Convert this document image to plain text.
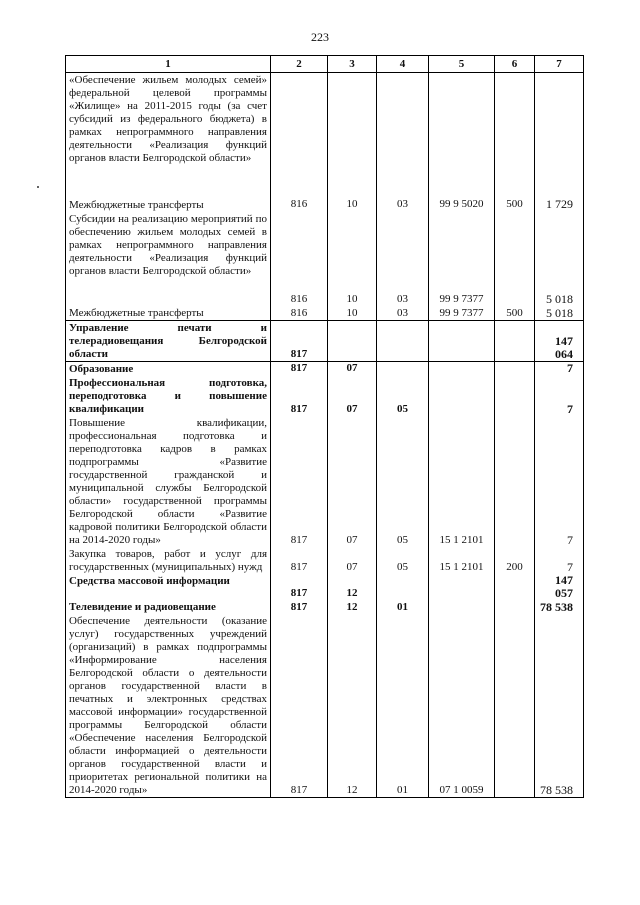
223
1	2	3	4	5	6	7
«Обеспечение жильем молодых семей» федеральной целевой программы «Жилище» на 2011-2015 годы (за счет субсидий из федерального бюджета) в рамках непрограммного направления деятельности «Реализация функций органов власти Белгородской области»						
Межбюджетные трансферты	816	10	03	99 9 5020	500	1 729
Субсидии на реализацию мероприятий по обеспечению жильем молодых семей в рамках непрограммного направления деятельности «Реализация функций органов власти Белгородской области»	816	10	03	99 9 7377		5 018
Межбюджетные трансферты	816	10	03	99 9 7377	500	5 018
Управление печати и телерадиовещания Белгородской области	817					147 064
Образование	817	07				7
Профессиональная подготовка, переподготовка и повышение квалификации	817	07	05			7
Повышение квалификации, профессиональная подготовка и переподготовка кадров в рамках подпрограммы «Развитие государственной гражданской и муниципальной службы Белгородской области» государственной программы Белгородской области «Развитие кадровой политики Белгородской области на 2014-2020 годы»	817	07	05	15 1 2101		7
Закупка товаров, работ и услуг для государственных (муниципальных) нужд	817	07	05	15 1 2101	200	7
Средства массовой информации	817	12				147 057
Телевидение и радиовещание	817	12	01			78 538
Обеспечение деятельности (оказание услуг) государственных учреждений (организаций) в рамках подпрограммы «Информирование населения Белгородской области о деятельности органов государственной власти в печатных и электронных средствах массовой информации» государственной программы Белгородской области «Обеспечение населения Белгородской области информацией о деятельности органов государственной власти и приоритетах региональной политики на 2014-2020 годы»	817	12	01	07 1 0059		78 538
